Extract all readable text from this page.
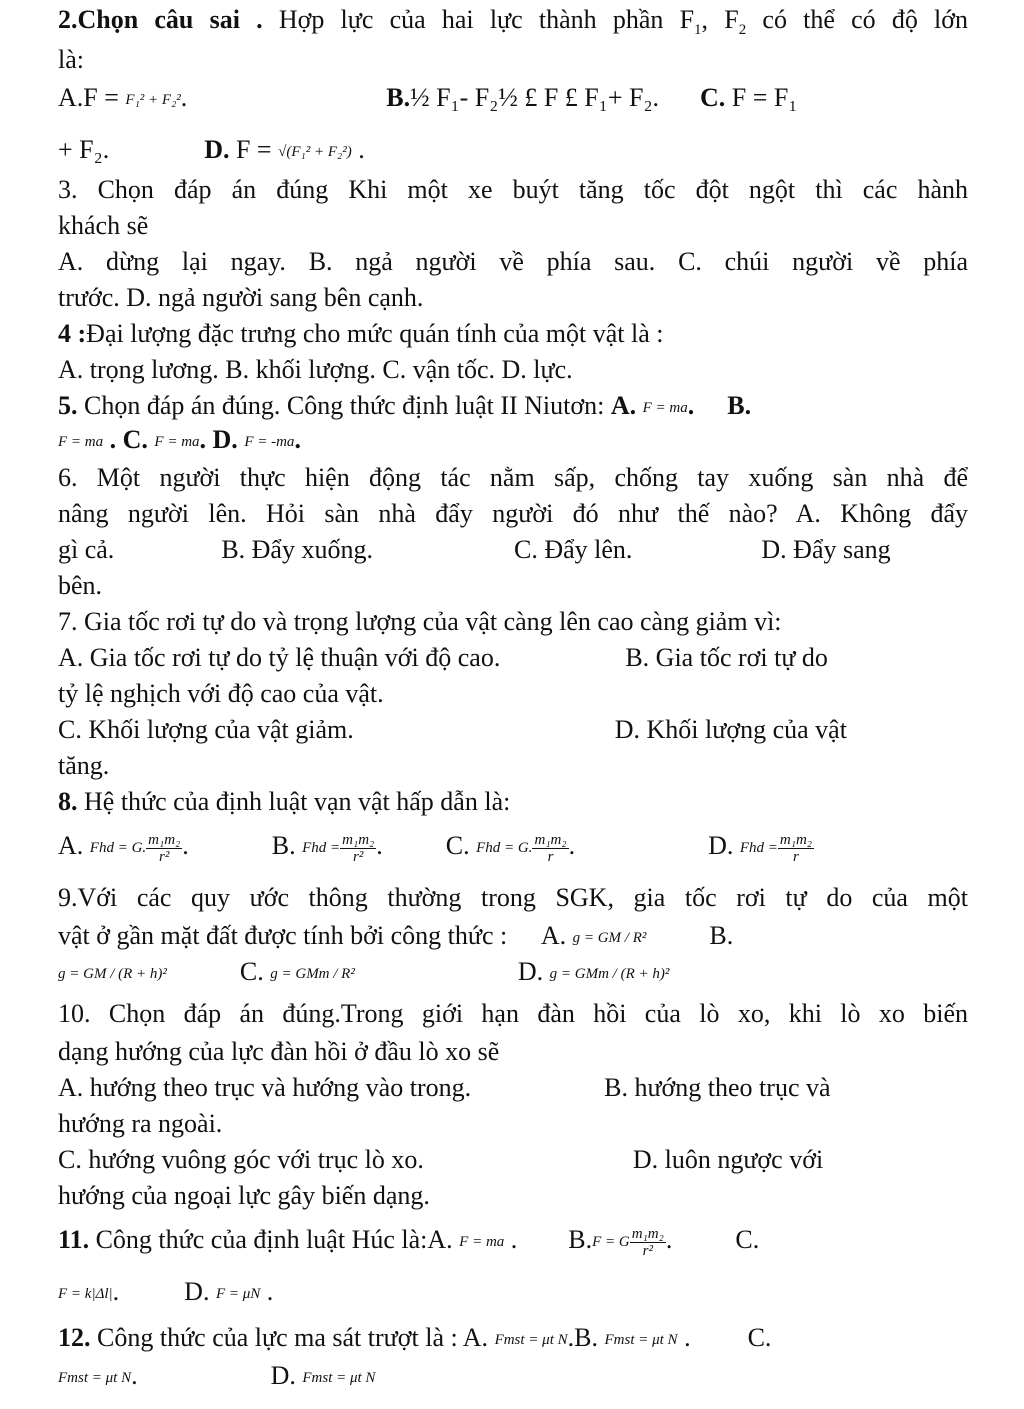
2.Chọn câu sai . Hợp lực của hai lực thành phần $F_1$, $F_2$ có thể có độ lớn
là:
A.F = F₁² + F₂².	B.½ F₁- F₂½ £ F £ F₁+ F₂. C. F = F₁
+ F₂.	D. F = √(F₁² + F₂²) .
3. Chọn đáp án đúng Khi một xe buýt tăng tốc đột ngột thì các hành
khách sẽ
A. dừng lại ngay. B. ngả người về phía sau. C. chúi người về phía
trước. D. ngả người sang bên cạnh.
4 :Đại lượng đặc trưng cho mức quán tính của một vật là :
A. trọng lương. B. khối lượng. C. vận tốc. D. lực.
5. Chọn đáp án đúng. Công thức định luật II Niutơn: A. F = ma. B.
F = ma . C. F = ma. D. F = -ma.
6. Một người thực hiện động tác nằm sấp, chống tay xuống sàn nhà để
nâng người lên. Hỏi sàn nhà đẩy người đó như thế nào? A. Không đẩy
gì cả.	B. Đẩy xuống.	C. Đẩy lên.	D. Đẩy sang
bên.
7. Gia tốc rơi tự do và trọng lượng của vật càng lên cao càng giảm vì:
A. Gia tốc rơi tự do tỷ lệ thuận với độ cao.	B. Gia tốc rơi tự do
tỷ lệ nghịch với độ cao của vật.
C. Khối lượng của vật giảm.	D. Khối lượng của vật
tăng.
8. Hệ thức của định luật vạn vật hấp dẫn là:
A. Fhd = G. $\frac{\text{m₁m₂}}{\text{r²}}$ .	B. Fhd = $\frac{\text{m₁m₂}}{\text{r²}}$ .  C. Fhd = G. $\frac{\text{m₁m₂}}{r}$ .	D. Fhd = $\frac{\text{m₁m₂}}{r}$
9.Với các quy ước thông thường trong SGK, gia tốc rơi tự do của một
vật ở gần mặt đất được tính bởi công thức : A. g = GM / R² B.
g = GM / (R + h)²	C. g = GMm / R²	D. g = GMm / (R + h)²
10. Chọn đáp án đúng.Trong giới hạn đàn hồi của lò xo, khi lò xo biến
dạng hướng của lực đàn hồi ở đầu lò xo sẽ
A. hướng theo trục và hướng vào trong.	B. hướng theo trục và
hướng ra ngoài.
C. hướng vuông góc với trục lò xo.	D. luôn ngược với
hướng của ngoại lực gây biến dạng.
11. Công thức của định luật Húc là:A. F = ma .  B.F = G $\frac{\text{m₁m₂}}{\text{r²}}$ .  C.
F = k|Δl|.  D. F = μN .
12. Công thức của lực ma sát trượt là : A. Fmst = μt N.B. Fmst = μt N .  C.
Fmst = μt N.	D. Fmst = μt N
